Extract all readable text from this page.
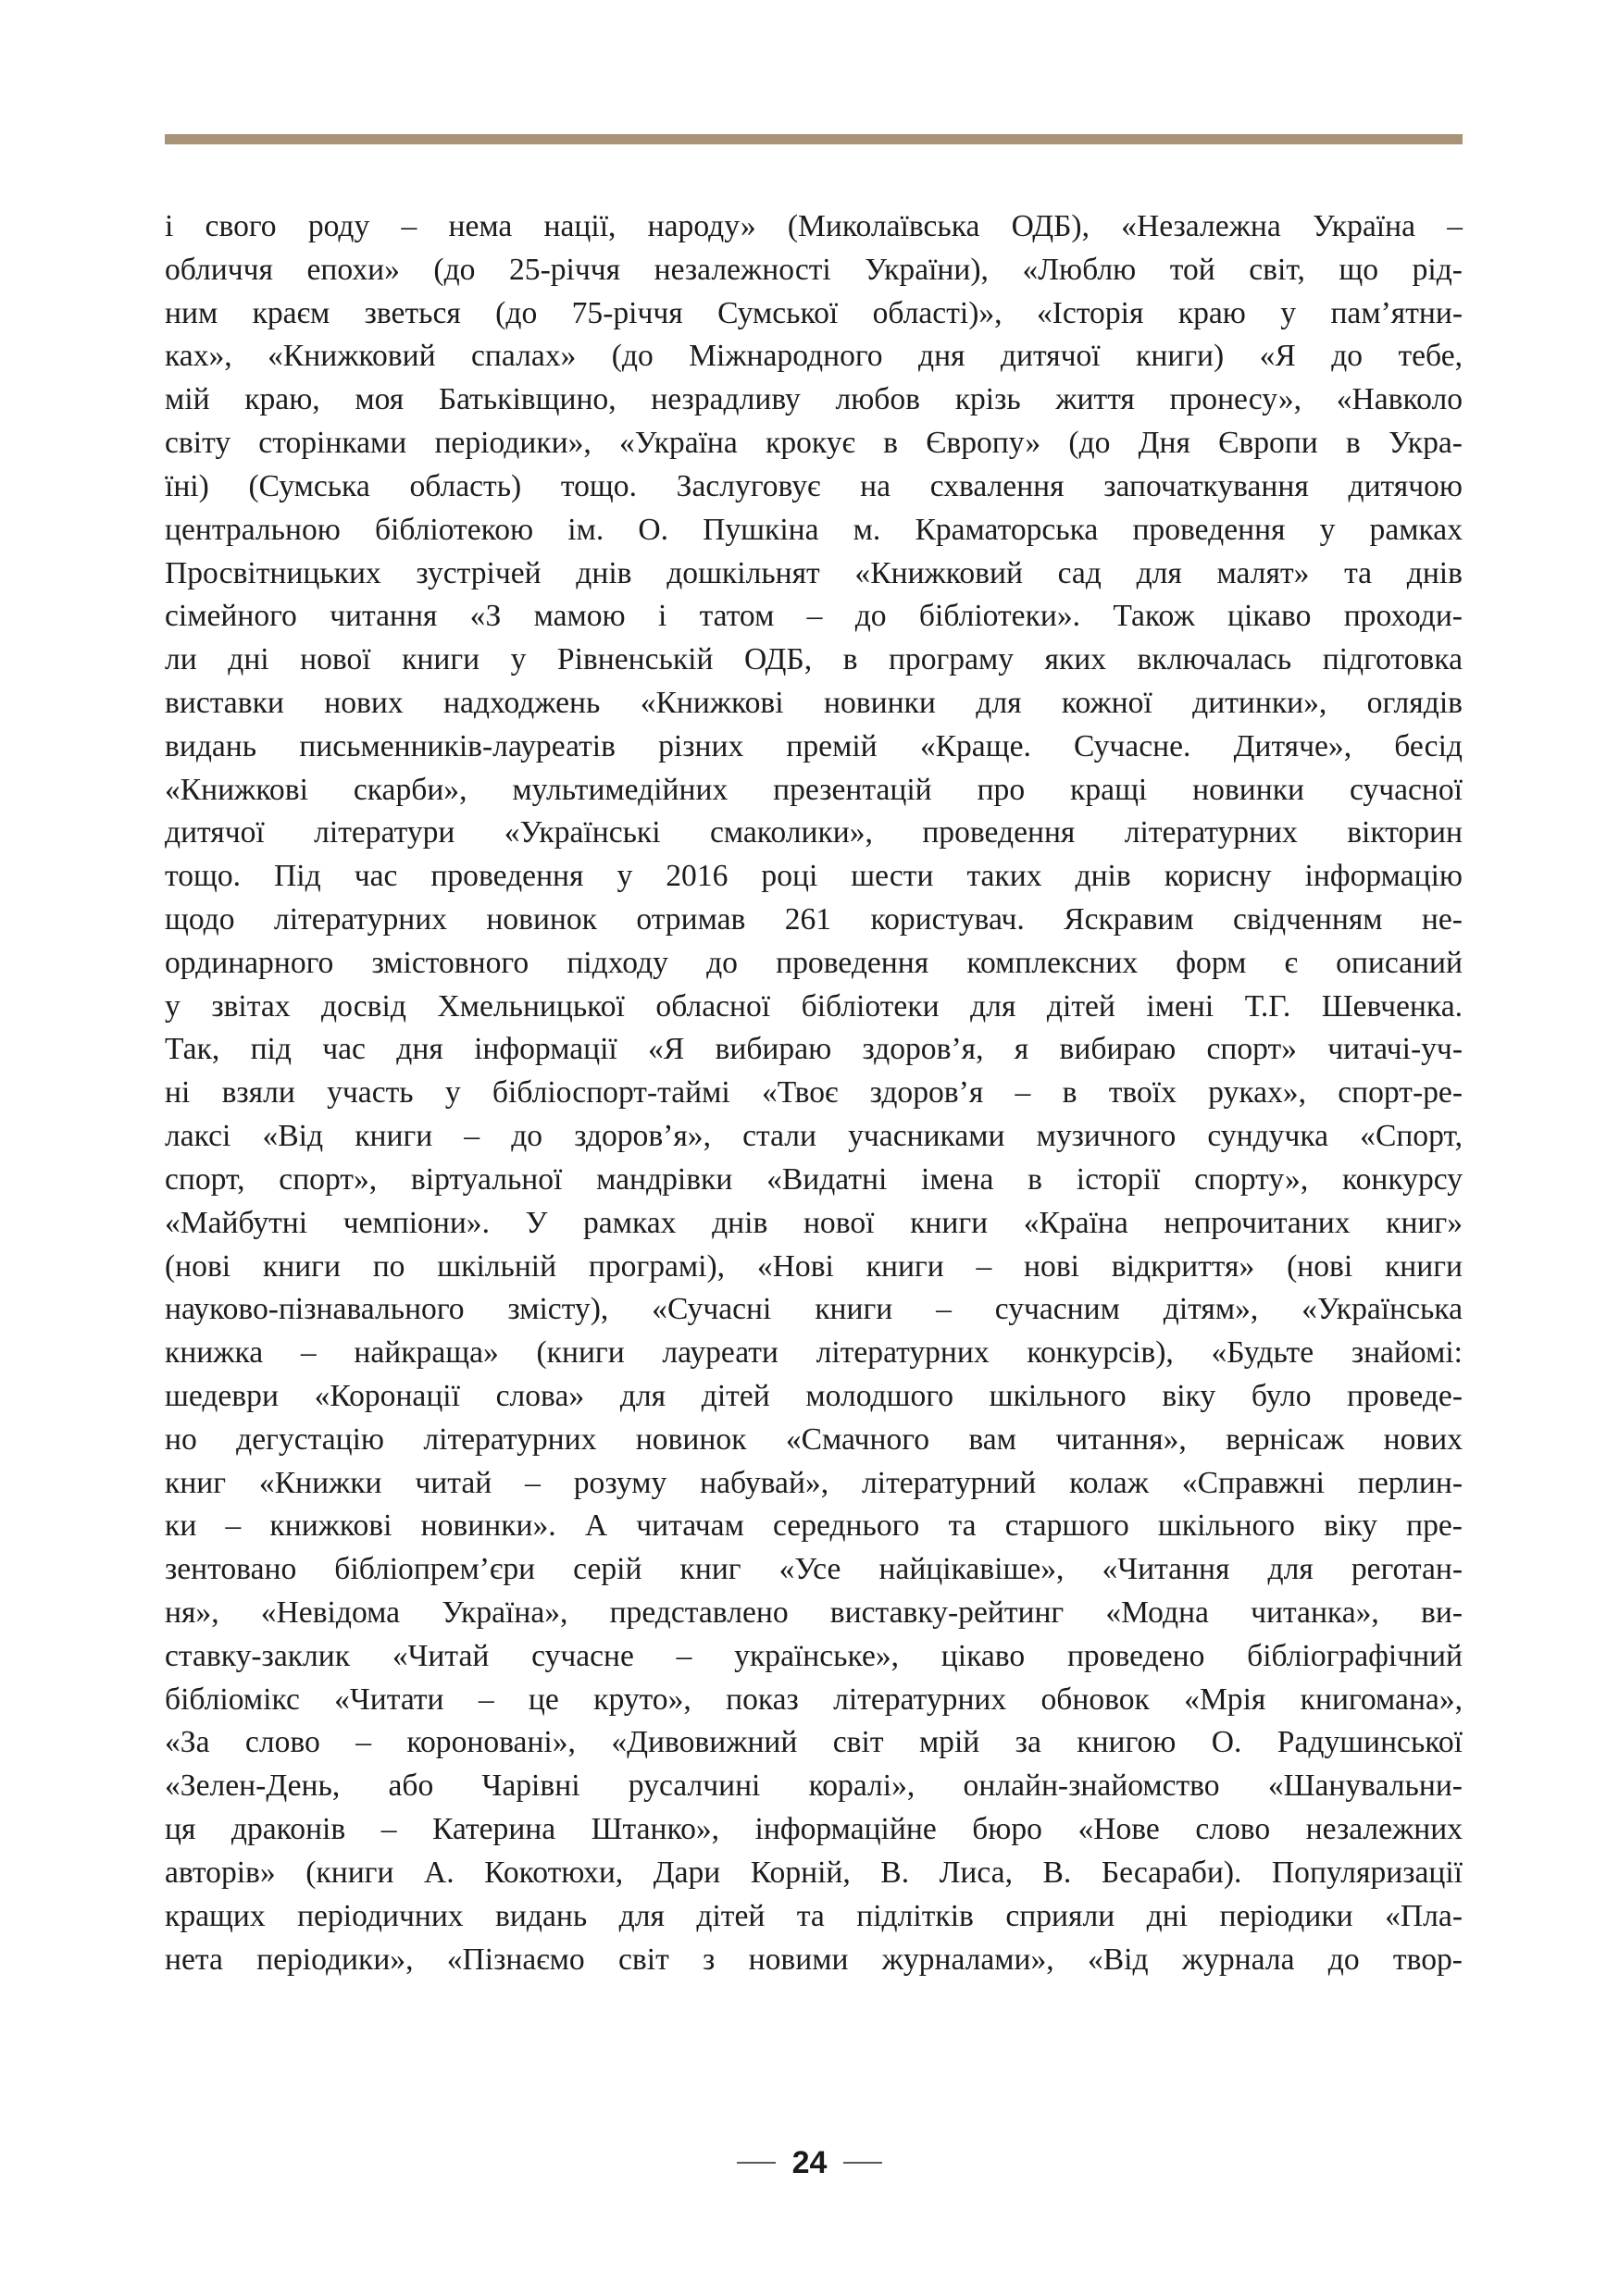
і свого роду – нема нації, народу» (Миколаївська ОДБ), «Незалежна Україна –
обличчя епохи» (до 25-річчя незалежності України), «Люблю той світ, що рід-
ним краєм зветься (до 75-річчя Сумської області)», «Історія краю у пам’ятни-
ках», «Книжковий спалах» (до Міжнародного дня дитячої книги) «Я до тебе,
мій краю, моя Батьківщино, незрадливу любов крізь життя пронесу», «Навколо
світу сторінками періодики», «Україна крокує в Європу» (до Дня Європи в Укра-
їні) (Сумська область) тощо. Заслуговує на схвалення започаткування дитячою
центральною бібліотекою ім. О. Пушкіна м. Краматорська проведення у рамках
Просвітницьких зустрічей днів дошкільнят «Книжковий сад для малят» та днів
сімейного читання «З мамою і татом – до бібліотеки». Також цікаво проходи-
ли дні нової книги у Рівненській ОДБ, в програму яких включалась підготовка
виставки нових надходжень «Книжкові новинки для кожної дитинки», оглядів
видань письменників-лауреатів різних премій «Краще. Сучасне. Дитяче», бесід
«Книжкові скарби», мультимедійних презентацій про кращі новинки сучасної
дитячої літератури «Українські смаколики», проведення літературних вікторин
тощо. Під час проведення у 2016 році шести таких днів корисну інформацію
щодо літературних новинок отримав 261 користувач. Яскравим свідченням не-
ординарного змістовного підходу до проведення комплексних форм є описаний
у звітах досвід Хмельницької обласної бібліотеки для дітей імені Т.Г. Шевченка.
Так, під час дня інформації «Я вибираю здоров’я, я вибираю спорт» читачі-уч-
ні взяли участь у бібліоспорт-таймі «Твоє здоров’я – в твоїх руках», спорт-ре-
лаксі «Від книги – до здоров’я», стали учасниками музичного сундучка «Спорт,
спорт, спорт», віртуальної мандрівки «Видатні імена в історії спорту», конкурсу
«Майбутні чемпіони». У рамках днів нової книги «Країна непрочитаних книг»
(нові книги по шкільній програмі), «Нові книги – нові відкриття» (нові книги
науково-пізнавального змісту), «Сучасні книги – сучасним дітям», «Українська
книжка – найкраща» (книги лауреати літературних конкурсів), «Будьте знайомі:
шедеври «Коронації слова» для дітей молодшого шкільного віку було проведе-
но дегустацію літературних новинок «Смачного вам читання», вернісаж нових
книг «Книжки читай – розуму набувай», літературний колаж «Справжні перлин-
ки – книжкові новинки». А читачам середнього та старшого шкільного віку пре-
зентовано бібліопрем’єри серій книг «Усе найцікавіше», «Читання для реготан-
ня», «Невідома Україна», представлено виставку-рейтинг «Модна читанка», ви-
ставку-заклик «Читай сучасне – українське», цікаво проведено бібліографічний
бібліомікс «Читати – це круто», показ літературних обновок «Мрія книгомана»,
«За слово – короновані», «Дивовижний світ мрій за книгою О. Радушинської
«Зелен-День, або Чарівні русалчині коралі», онлайн-знайомство «Шанувальни-
ця драконів – Катерина Штанко», інформаційне бюро «Нове слово незалежних
авторів» (книги А. Кокотюхи, Дари Корній, В. Лиса, В. Бесараби). Популяризації
кращих періодичних видань для дітей та підлітків сприяли дні періодики «Пла-
нета періодики», «Пізнаємо світ з новими журналами», «Від журнала до твор-
24
